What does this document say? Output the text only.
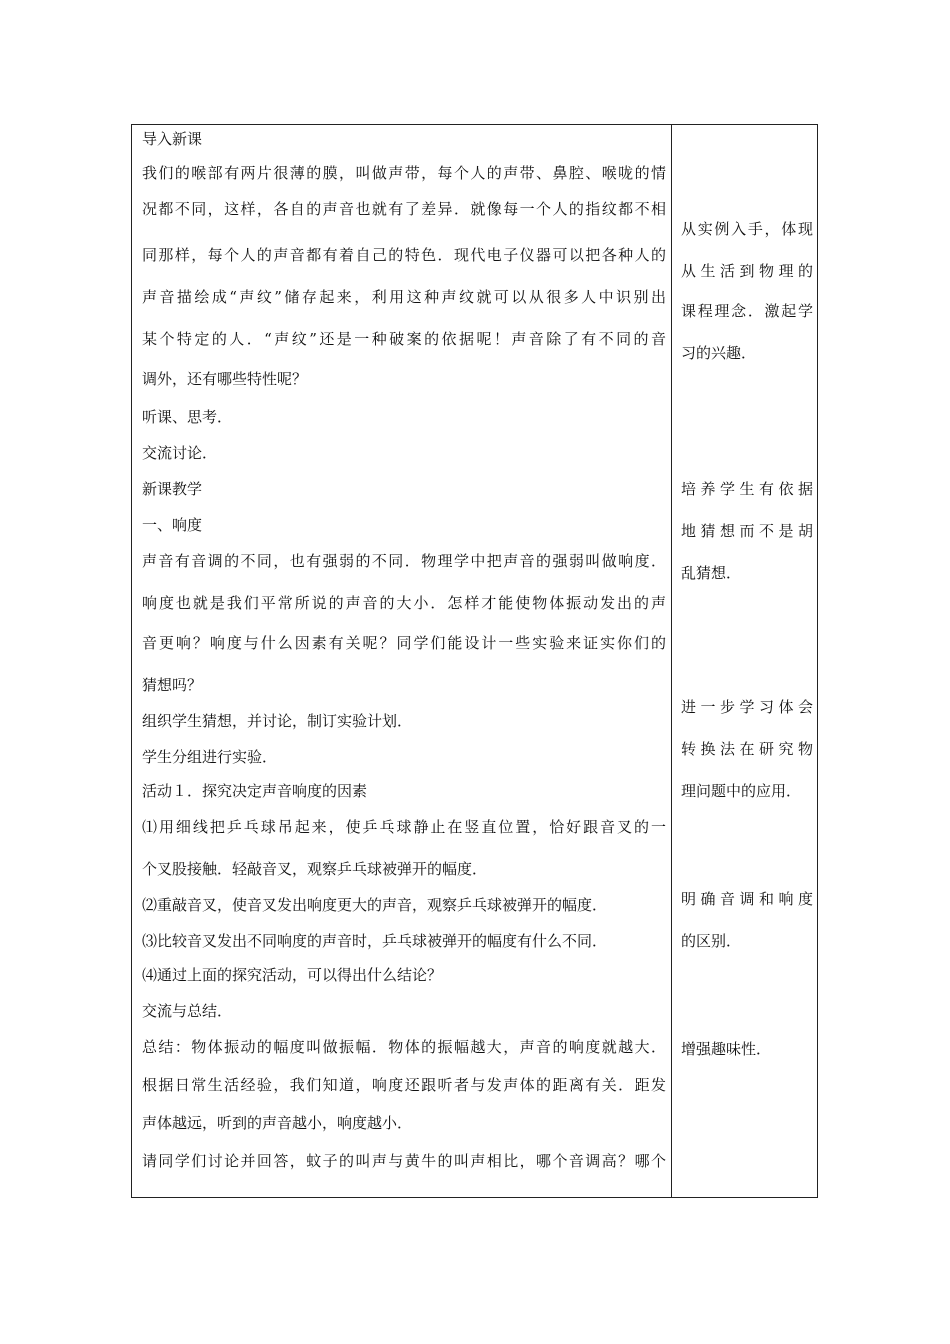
导入新课
我们的喉部有两片很薄的膜，叫做声带，每个人的声带、鼻腔、喉咙的情
况都不同，这样，各自的声音也就有了差异．就像每一个人的指纹都不相
同那样，每个人的声音都有着自己的特色．现代电子仪器可以把各种人的
声音描绘成“声纹”储存起来，利用这种声纹就可以从很多人中识别出
某个特定的人．“声纹”还是一种破案的依据呢！声音除了有不同的音
调外，还有哪些特性呢？
听课、思考．
交流讨论．
新课教学
一、响度
声音有音调的不同，也有强弱的不同．物理学中把声音的强弱叫做响度．
响度也就是我们平常所说的声音的大小．怎样才能使物体振动发出的声
音更响？响度与什么因素有关呢？同学们能设计一些实验来证实你们的
猜想吗？
组织学生猜想，并讨论，制订实验计划．
学生分组进行实验．
活动１．探究决定声音响度的因素
⑴用细线把乒乓球吊起来，使乒乓球静止在竖直位置，恰好跟音叉的一
个叉股接触．轻敲音叉，观察乒乓球被弹开的幅度．
⑵重敲音叉，使音叉发出响度更大的声音，观察乒乓球被弹开的幅度．
⑶比较音叉发出不同响度的声音时，乒乓球被弹开的幅度有什么不同．
⑷通过上面的探究活动，可以得出什么结论？
交流与总结．
总结：物体振动的幅度叫做振幅．物体的振幅越大，声音的响度就越大．
根据日常生活经验，我们知道，响度还跟听者与发声体的距离有关．距发
声体越远，听到的声音越小，响度越小．
请同学们讨论并回答，蚊子的叫声与黄牛的叫声相比，哪个音调高？哪个
从实例入手，体现
从生活到物理的
课程理念．激起学
习的兴趣．
培养学生有依据
地猜想而不是胡
乱猜想．
进一步学习体会
转换法在研究物
理问题中的应用．
明确音调和响度
的区别．
增强趣味性．
